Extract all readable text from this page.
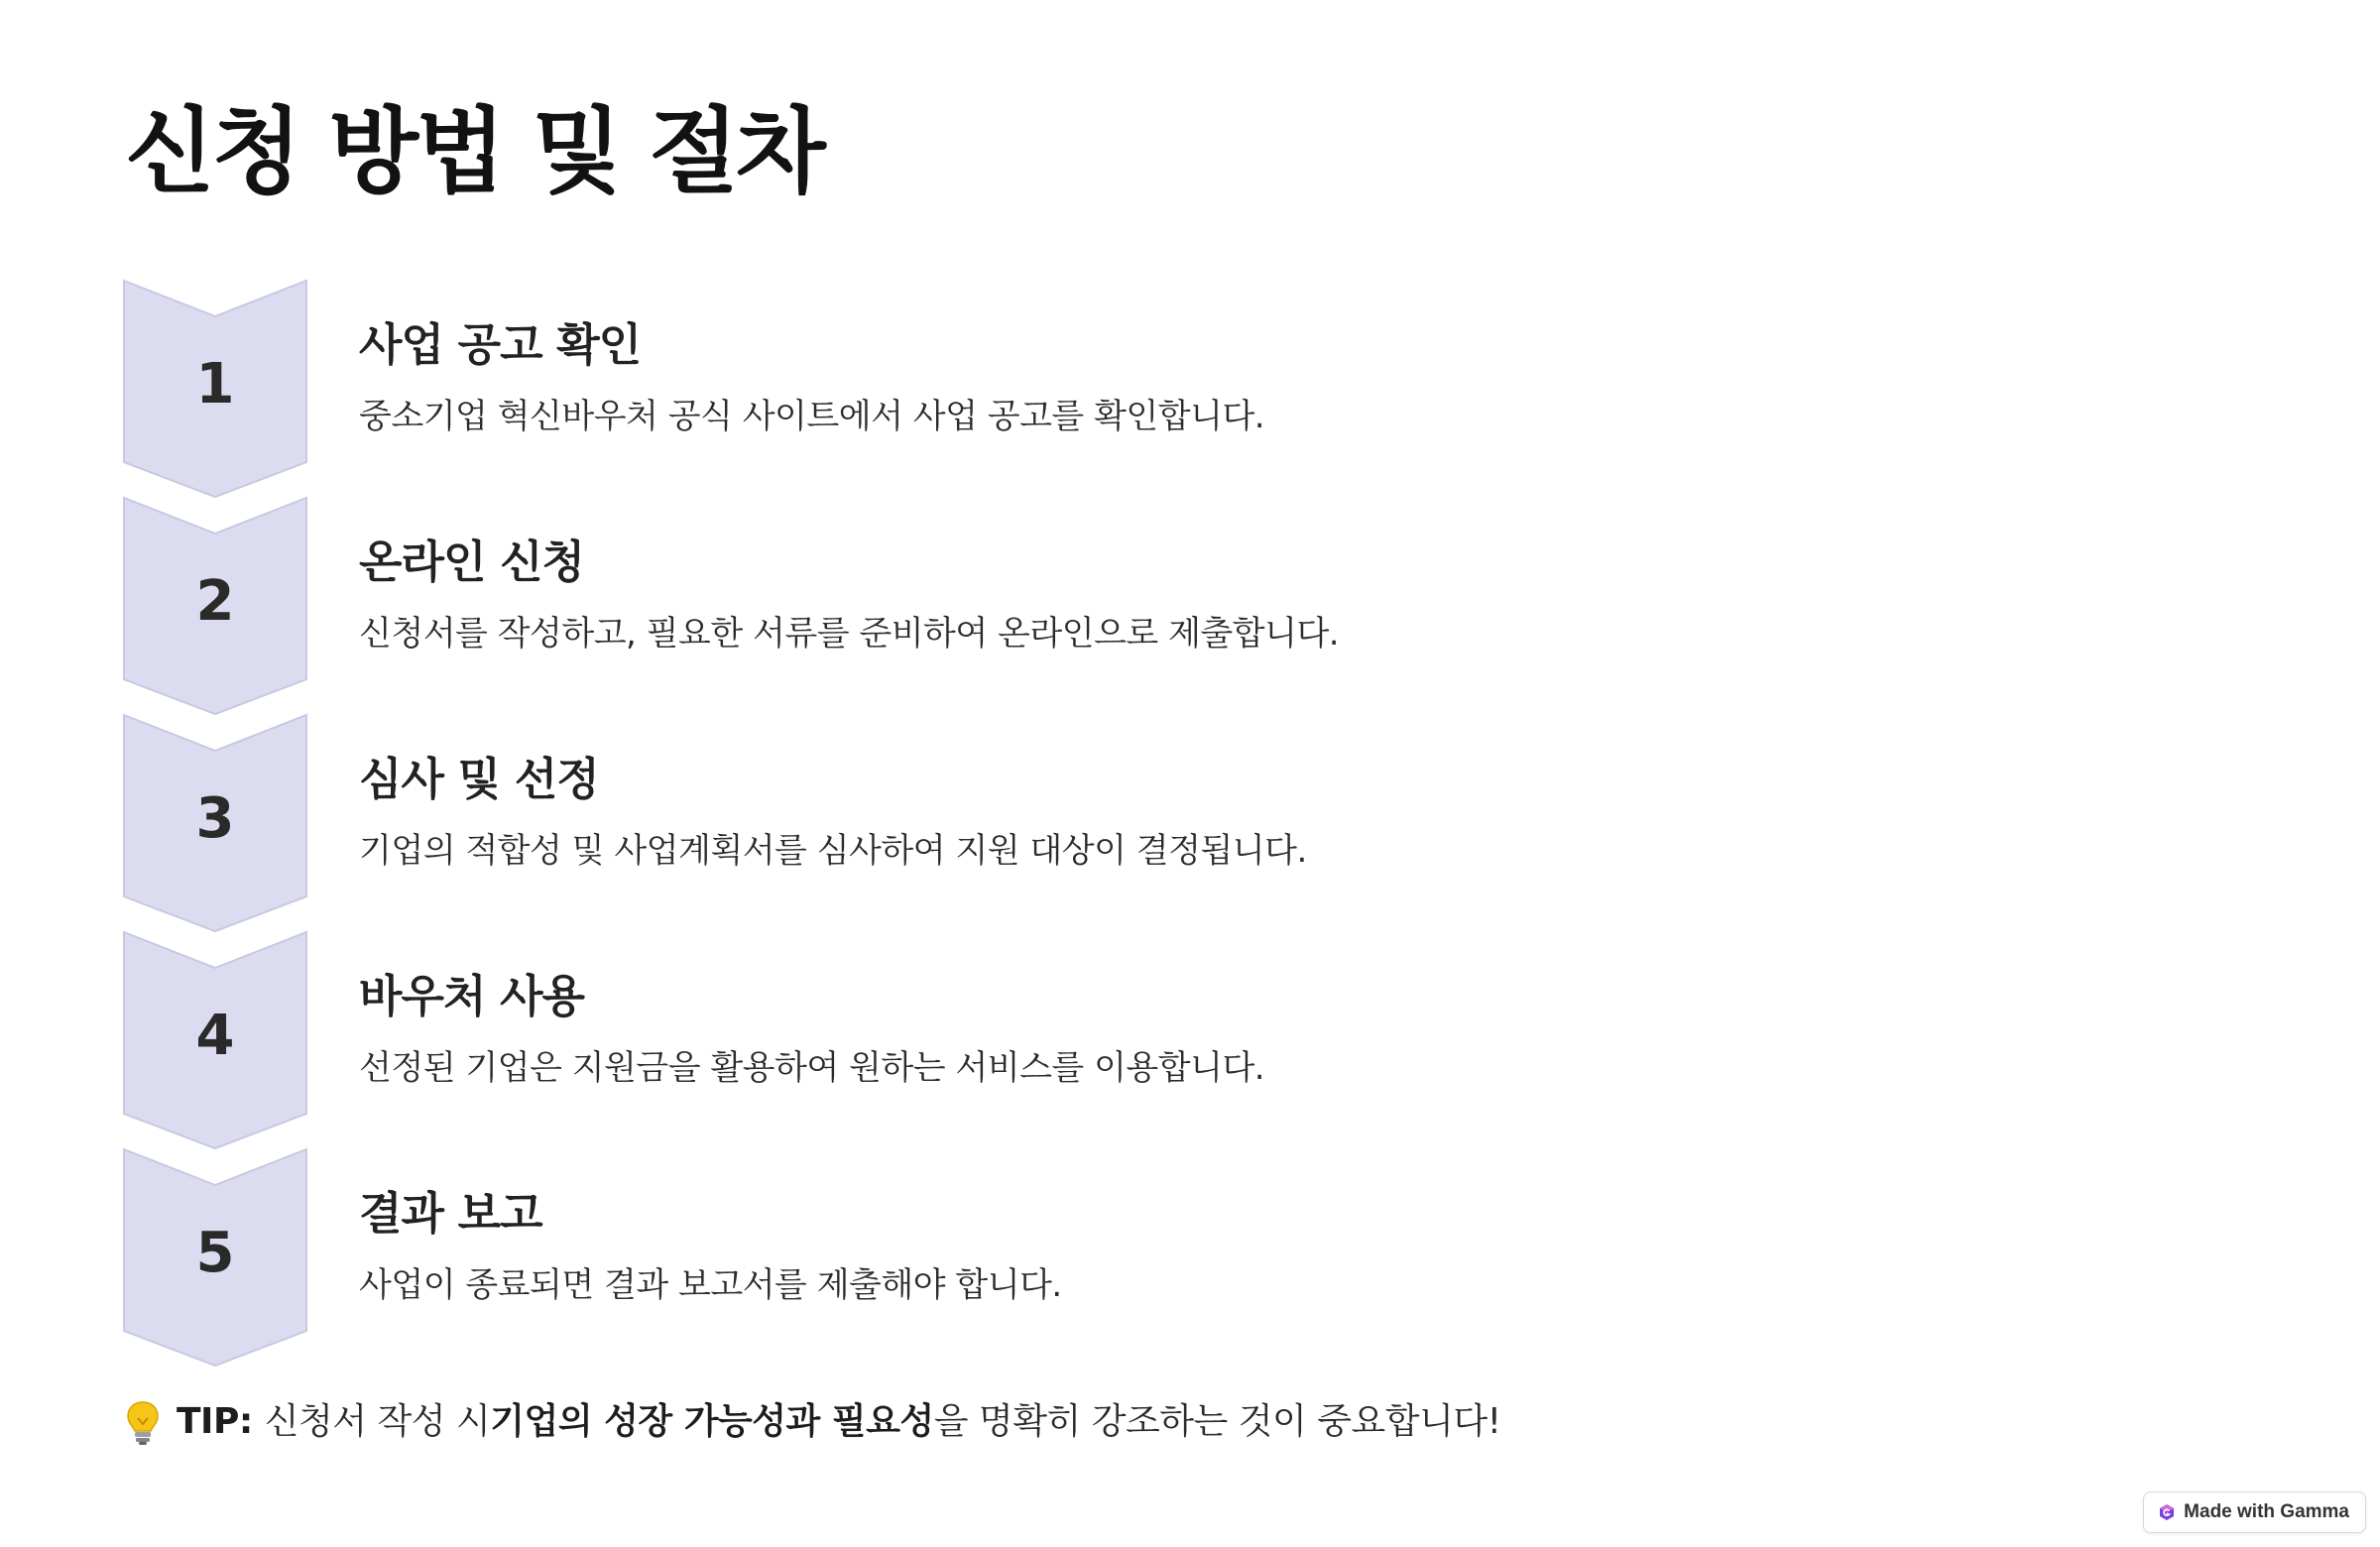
신청 방법 및 절차
1
사업 공고 확인

중소기업 혁신바우처 공식 사이트에서 사업 공고를 확인합니다.

2
온라인 신청

신청서를 작성하고, 필요한 서류를 준비하여 온라인으로 제출합니다.

3
심사 및 선정

기업의 적합성 및 사업계획서를 심사하여 지원 대상이 결정됩니다.

4
바우처 사용

선정된 기업은 지원금을 활용하여 원하는 서비스를 이용합니다.

5
결과 보고

사업이 종료되면 결과 보고서를 제출해야 합니다.

TIP: 신청서 작성 시 기업의 성장 가능성과 필요성 을 명확히 강조하는 것이 중요합니다!

Made with Gamma
